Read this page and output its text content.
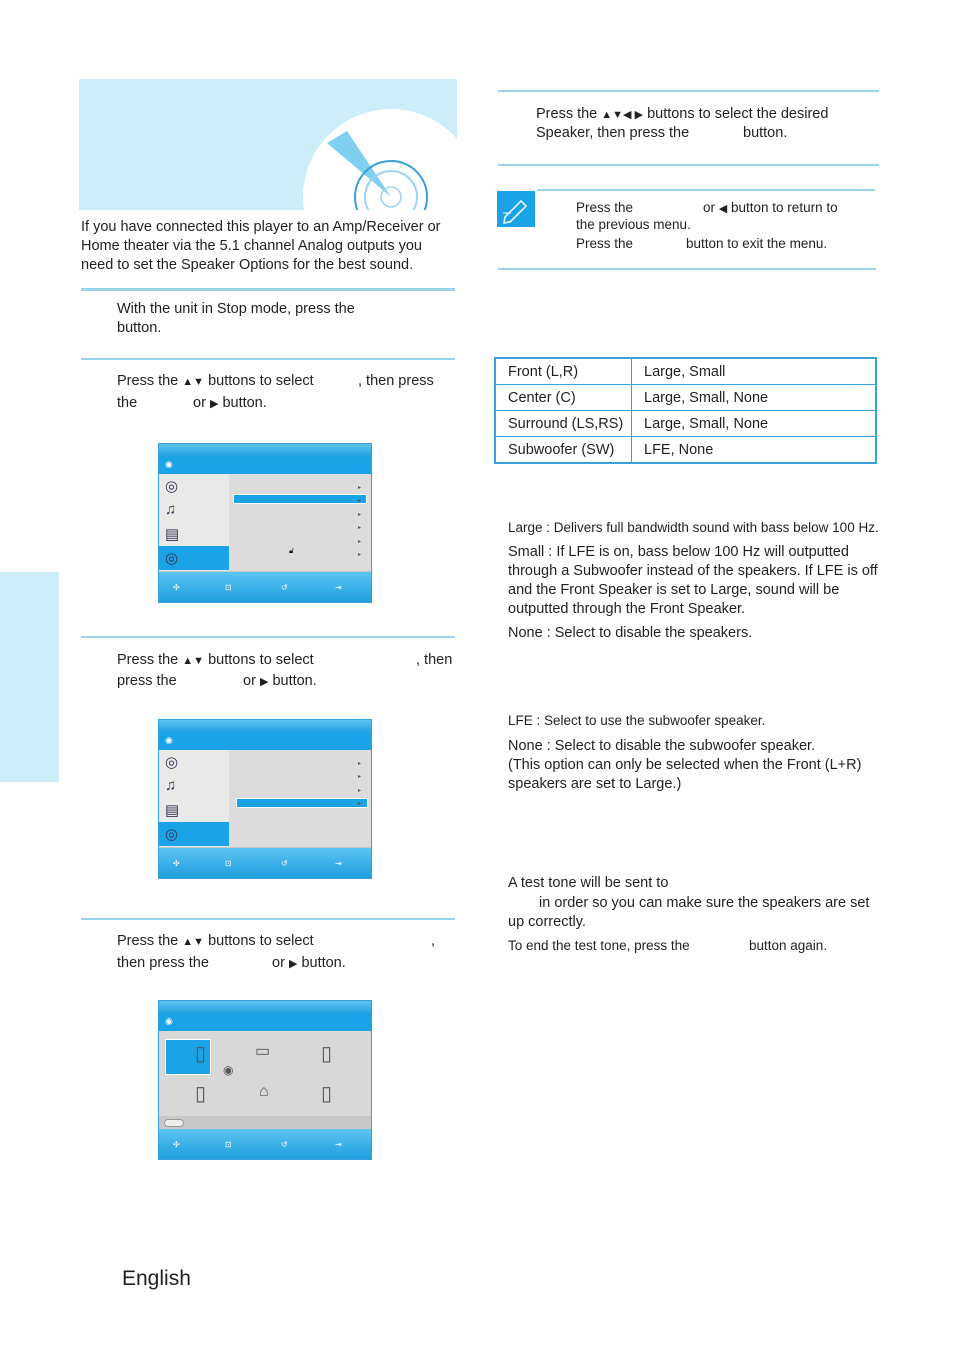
If you have connected this player to an Amp/Receiver or Home theater via the 5.1 channel Analog outputs you need to set the Speaker Options for the best sound.
With the unit in Stop mode, press the
button.
Press the ▲▼ buttons to select	, then press
the	or ▶ button.
◉
◎
♫
▤
◎
▸
▸
▸
▸
▸
▸
🔓︎
✣	⊡	↺	⇥
Press the ▲▼ buttons to select	, then
press the	or ▶ button.
◉
◎
♫
▤
◎
▸
▸
▸
▸
✣	⊡	↺	⇥
Press the ▲▼ buttons to select	,
then press the	or ▶ button.
◉
▯	▭	▯
◉
▯	⌂	▯
✣	⊡	↺	⇥
Press the ▲▼◀ ▶ buttons to select the desired
Speaker, then press the	button.
Press the	or ◀ button to return to
the previous menu.
Press the	button to exit the menu.
Front (L,R)	Large, Small
Center (C)	Large, Small, None
Surround (LS,RS)	Large, Small, None
Subwoofer (SW)	LFE, None
Large : Delivers full bandwidth sound with bass below 100 Hz.
Small : If LFE is on, bass below 100 Hz will outputted through a Subwoofer instead of the speakers. If LFE is off and the Front Speaker is set to Large, sound will be outputted through the Front Speaker.
None : Select to disable the speakers.
LFE : Select to use the subwoofer speaker.
None : Select to disable the subwoofer speaker.
(This option can only be selected when the Front (L+R) speakers are set to Large.)
A test tone will be sent to
in order so you can make sure the speakers are set up correctly.
To end the test tone, press the	button again.
English
